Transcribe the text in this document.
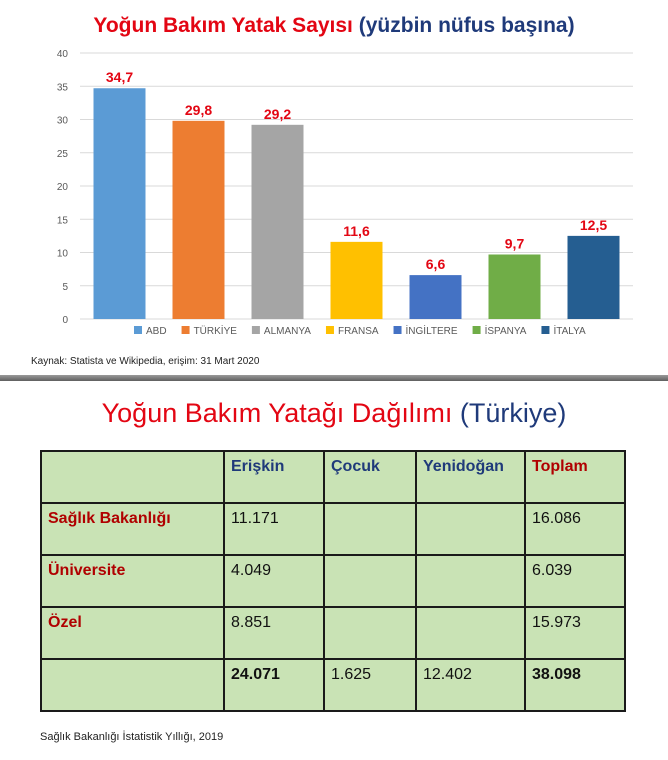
Yoğun Bakım Yatak Sayısı (yüzbin nüfus başına)
0
5
10
15
20
25
30
35
40
34,7
29,8	29,2
11,6
6,6
9,7
12,5
ABD	TÜRKİYE	ALMANYA	FRANSA	İNGİLTERE	İSPANYA	İTALYA
Kaynak: Statista ve Wikipedia, erişim: 31 Mart 2020
Yoğun Bakım Yatağı Dağılımı (Türkiye)
	Erişkin	Çocuk	Yenidoğan	Toplam
Sağlık Bakanlığı	11.171			16.086
Üniversite	4.049			6.039
Özel	8.851			15.973
	24.071	1.625	12.402	38.098
Sağlık Bakanlığı İstatistik Yıllığı, 2019
